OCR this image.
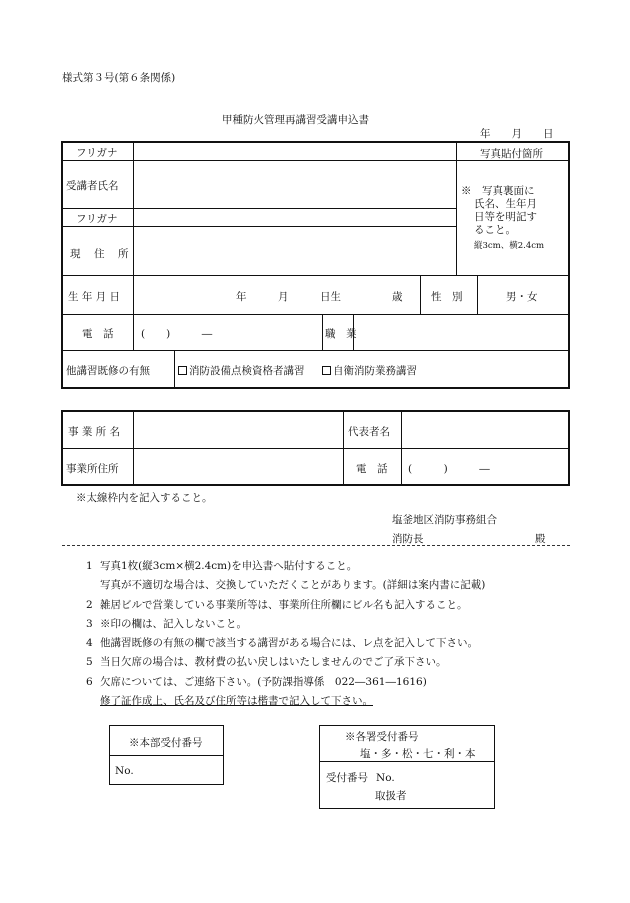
様式第３号(第６条関係)
甲種防火管理再講習受講申込書
年　　月　　日
フリガナ
受講者氏名
フリガナ
現　住　所
写真貼付箇所
※　写真裏面に
氏名、生年月
日等を明記す
ること。
縦3cm、横2.4cm
生 年 月 日	年　　　月　　　日生	歳	性　別	男・女
電　話	(　　)　　　―	職　業
他講習既修の有無	消防設備点検資格者講習	自衛消防業務講習
事 業 所 名	代表者名
事業所住所	電　話 (　　　)　　　―
※太線枠内を記入すること。
塩釜地区消防事務組合
消防長	殿
1 写真1枚(縦3cm×横2.4cm)を申込書へ貼付すること。
写真が不適切な場合は、交換していただくことがあります。(詳細は案内書に記載)
2 雑居ビルで営業している事業所等は、事業所住所欄にビル名も記入すること。
3 ※印の欄は、記入しないこと。
4 他講習既修の有無の欄で該当する講習がある場合には、レ点を記入して下さい。
5 当日欠席の場合は、教材費の払い戻しはいたしませんのでご了承下さい。
6 欠席については、ご連絡下さい。(予防課指導係　022―361―1616)
修了証作成上、氏名及び住所等は楷書で記入して下さい。
※本部受付番号
No.
※各署受付番号
塩・多・松・七・利・本
受付番号 No.
取扱者
